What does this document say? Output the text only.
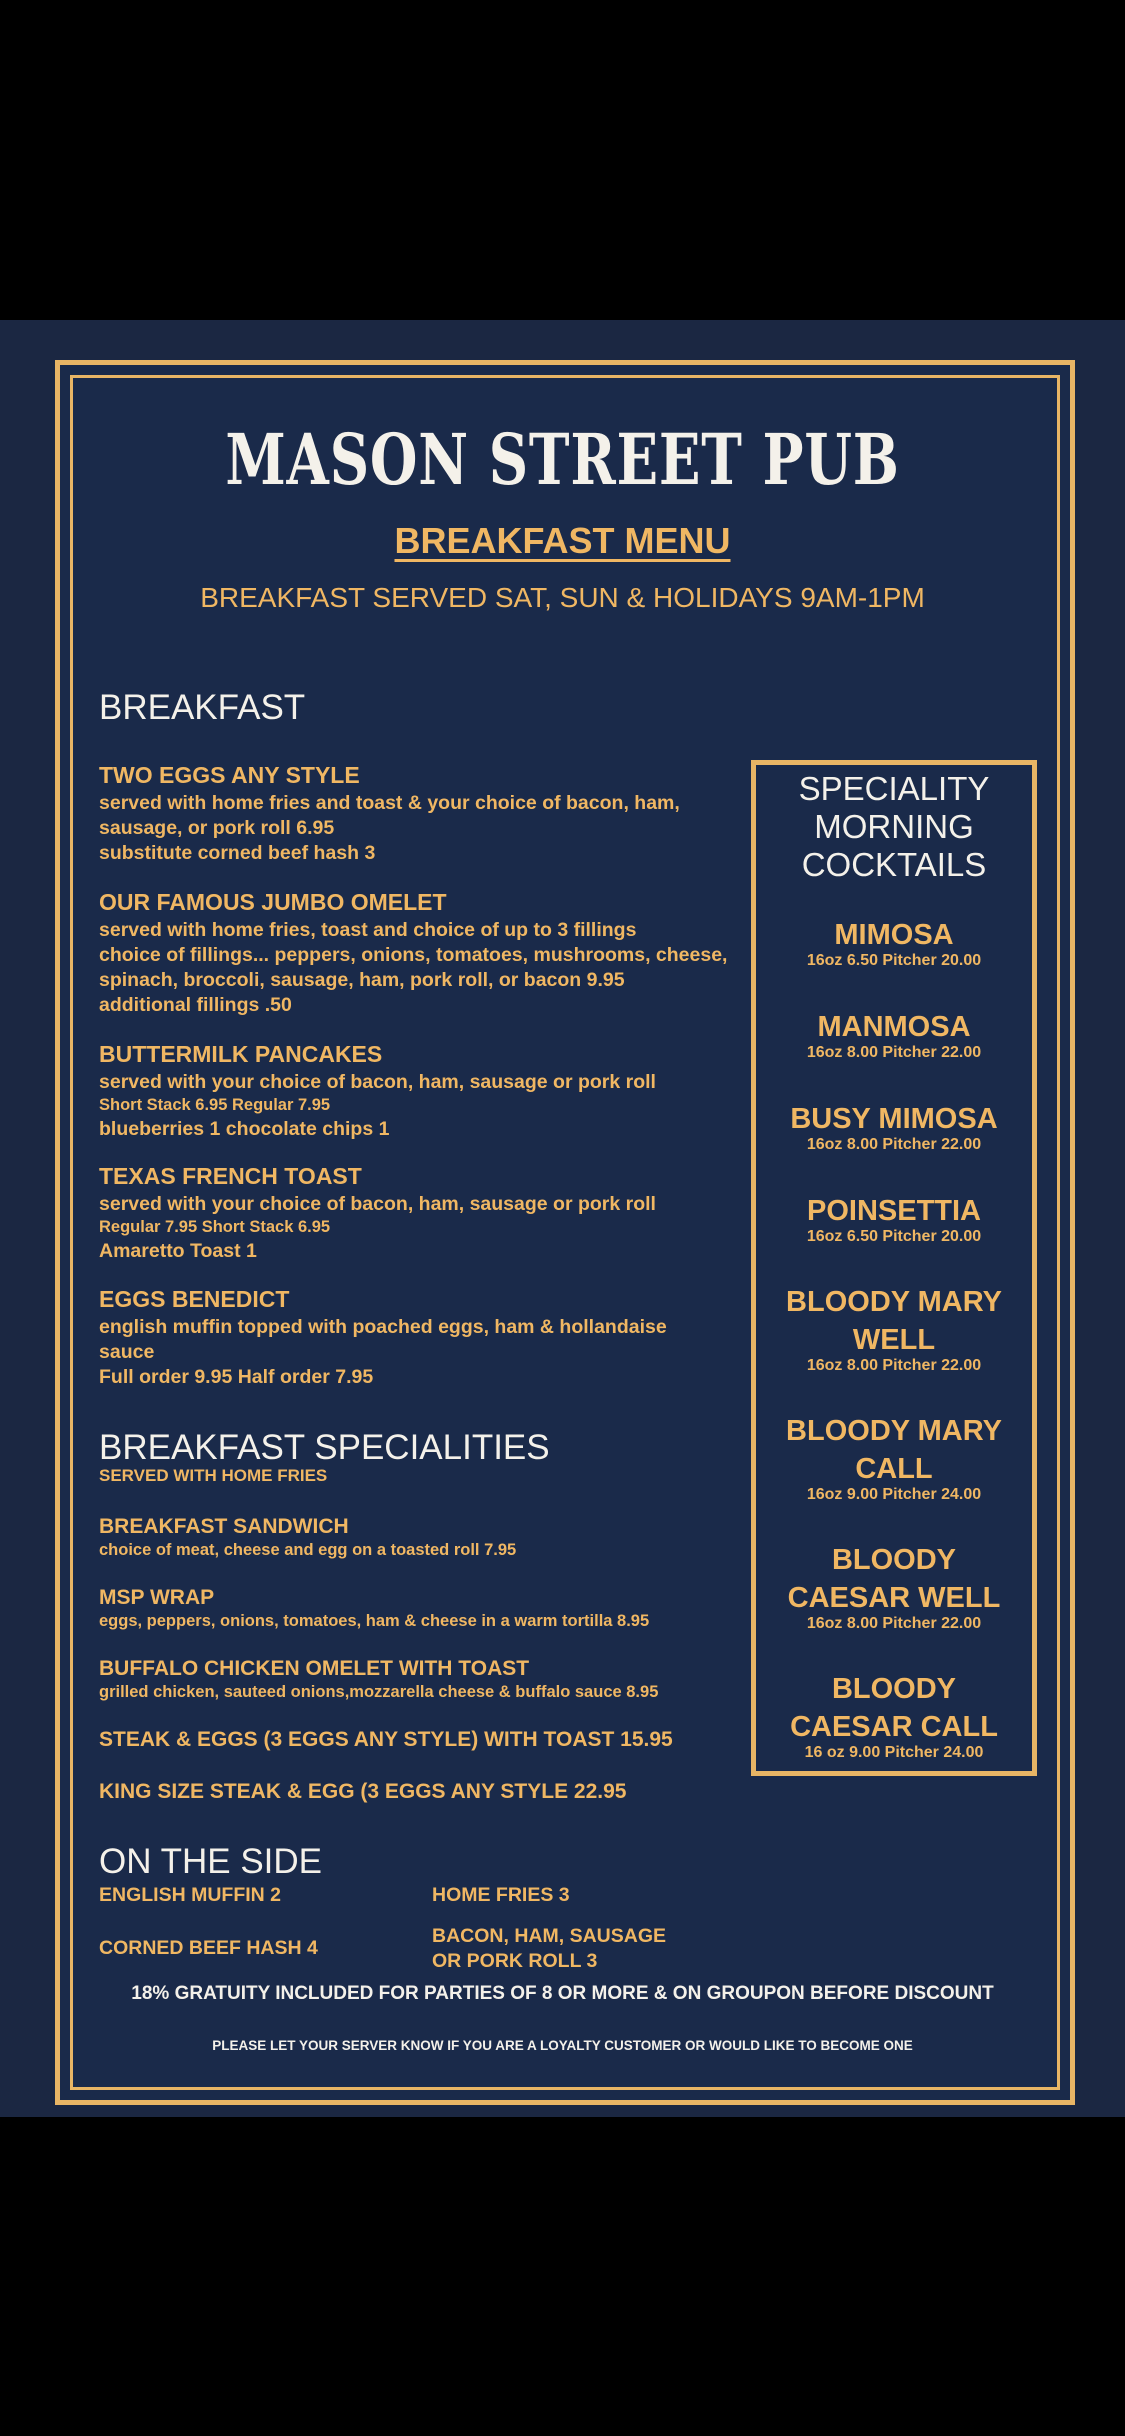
MASON STREET PUB
BREAKFAST MENU
BREAKFAST SERVED SAT, SUN & HOLIDAYS 9AM-1PM
BREAKFAST
TWO EGGS ANY STYLE
served with home fries and toast & your choice of bacon, ham,
sausage, or pork roll 6.95
substitute corned beef hash 3
OUR FAMOUS JUMBO OMELET
served with home fries, toast and choice of up to 3 fillings
choice of fillings... peppers, onions, tomatoes, mushrooms, cheese,
spinach, broccoli, sausage, ham, pork roll, or bacon 9.95
additional fillings .50
BUTTERMILK PANCAKES
served with your choice of bacon, ham, sausage or pork roll
Short Stack 6.95 Regular 7.95
blueberries 1 chocolate chips 1
TEXAS FRENCH TOAST
served with your choice of bacon, ham, sausage or pork roll
Regular 7.95 Short Stack 6.95
Amaretto Toast 1
EGGS BENEDICT
english muffin topped with poached eggs, ham & hollandaise
sauce
Full order 9.95 Half order 7.95
BREAKFAST SPECIALITIES
SERVED WITH HOME FRIES
BREAKFAST SANDWICH
choice of meat, cheese and egg on a toasted roll 7.95
MSP WRAP
eggs, peppers, onions, tomatoes, ham & cheese in a warm tortilla 8.95
BUFFALO CHICKEN OMELET WITH TOAST
grilled chicken, sauteed onions,mozzarella cheese & buffalo sauce 8.95
STEAK & EGGS (3 EGGS ANY STYLE) WITH TOAST 15.95
KING SIZE STEAK & EGG (3 EGGS ANY STYLE 22.95
ON THE SIDE
ENGLISH MUFFIN 2	HOME FRIES 3
CORNED BEEF HASH 4
BACON, HAM, SAUSAGE
OR PORK ROLL 3
SPECIALITY
MORNING
COCKTAILS
MIMOSA
16oz 6.50 Pitcher 20.00
MANMOSA
16oz 8.00 Pitcher 22.00
BUSY MIMOSA
16oz 8.00 Pitcher 22.00
POINSETTIA
16oz 6.50 Pitcher 20.00
BLOODY MARY
WELL
16oz 8.00 Pitcher 22.00
BLOODY MARY
CALL
16oz 9.00 Pitcher 24.00
BLOODY
CAESAR WELL
16oz 8.00 Pitcher 22.00
BLOODY
CAESAR CALL
16 oz 9.00 Pitcher 24.00
18% GRATUITY INCLUDED FOR PARTIES OF 8 OR MORE & ON GROUPON BEFORE DISCOUNT
PLEASE LET YOUR SERVER KNOW IF YOU ARE A LOYALTY CUSTOMER OR WOULD LIKE TO BECOME ONE
